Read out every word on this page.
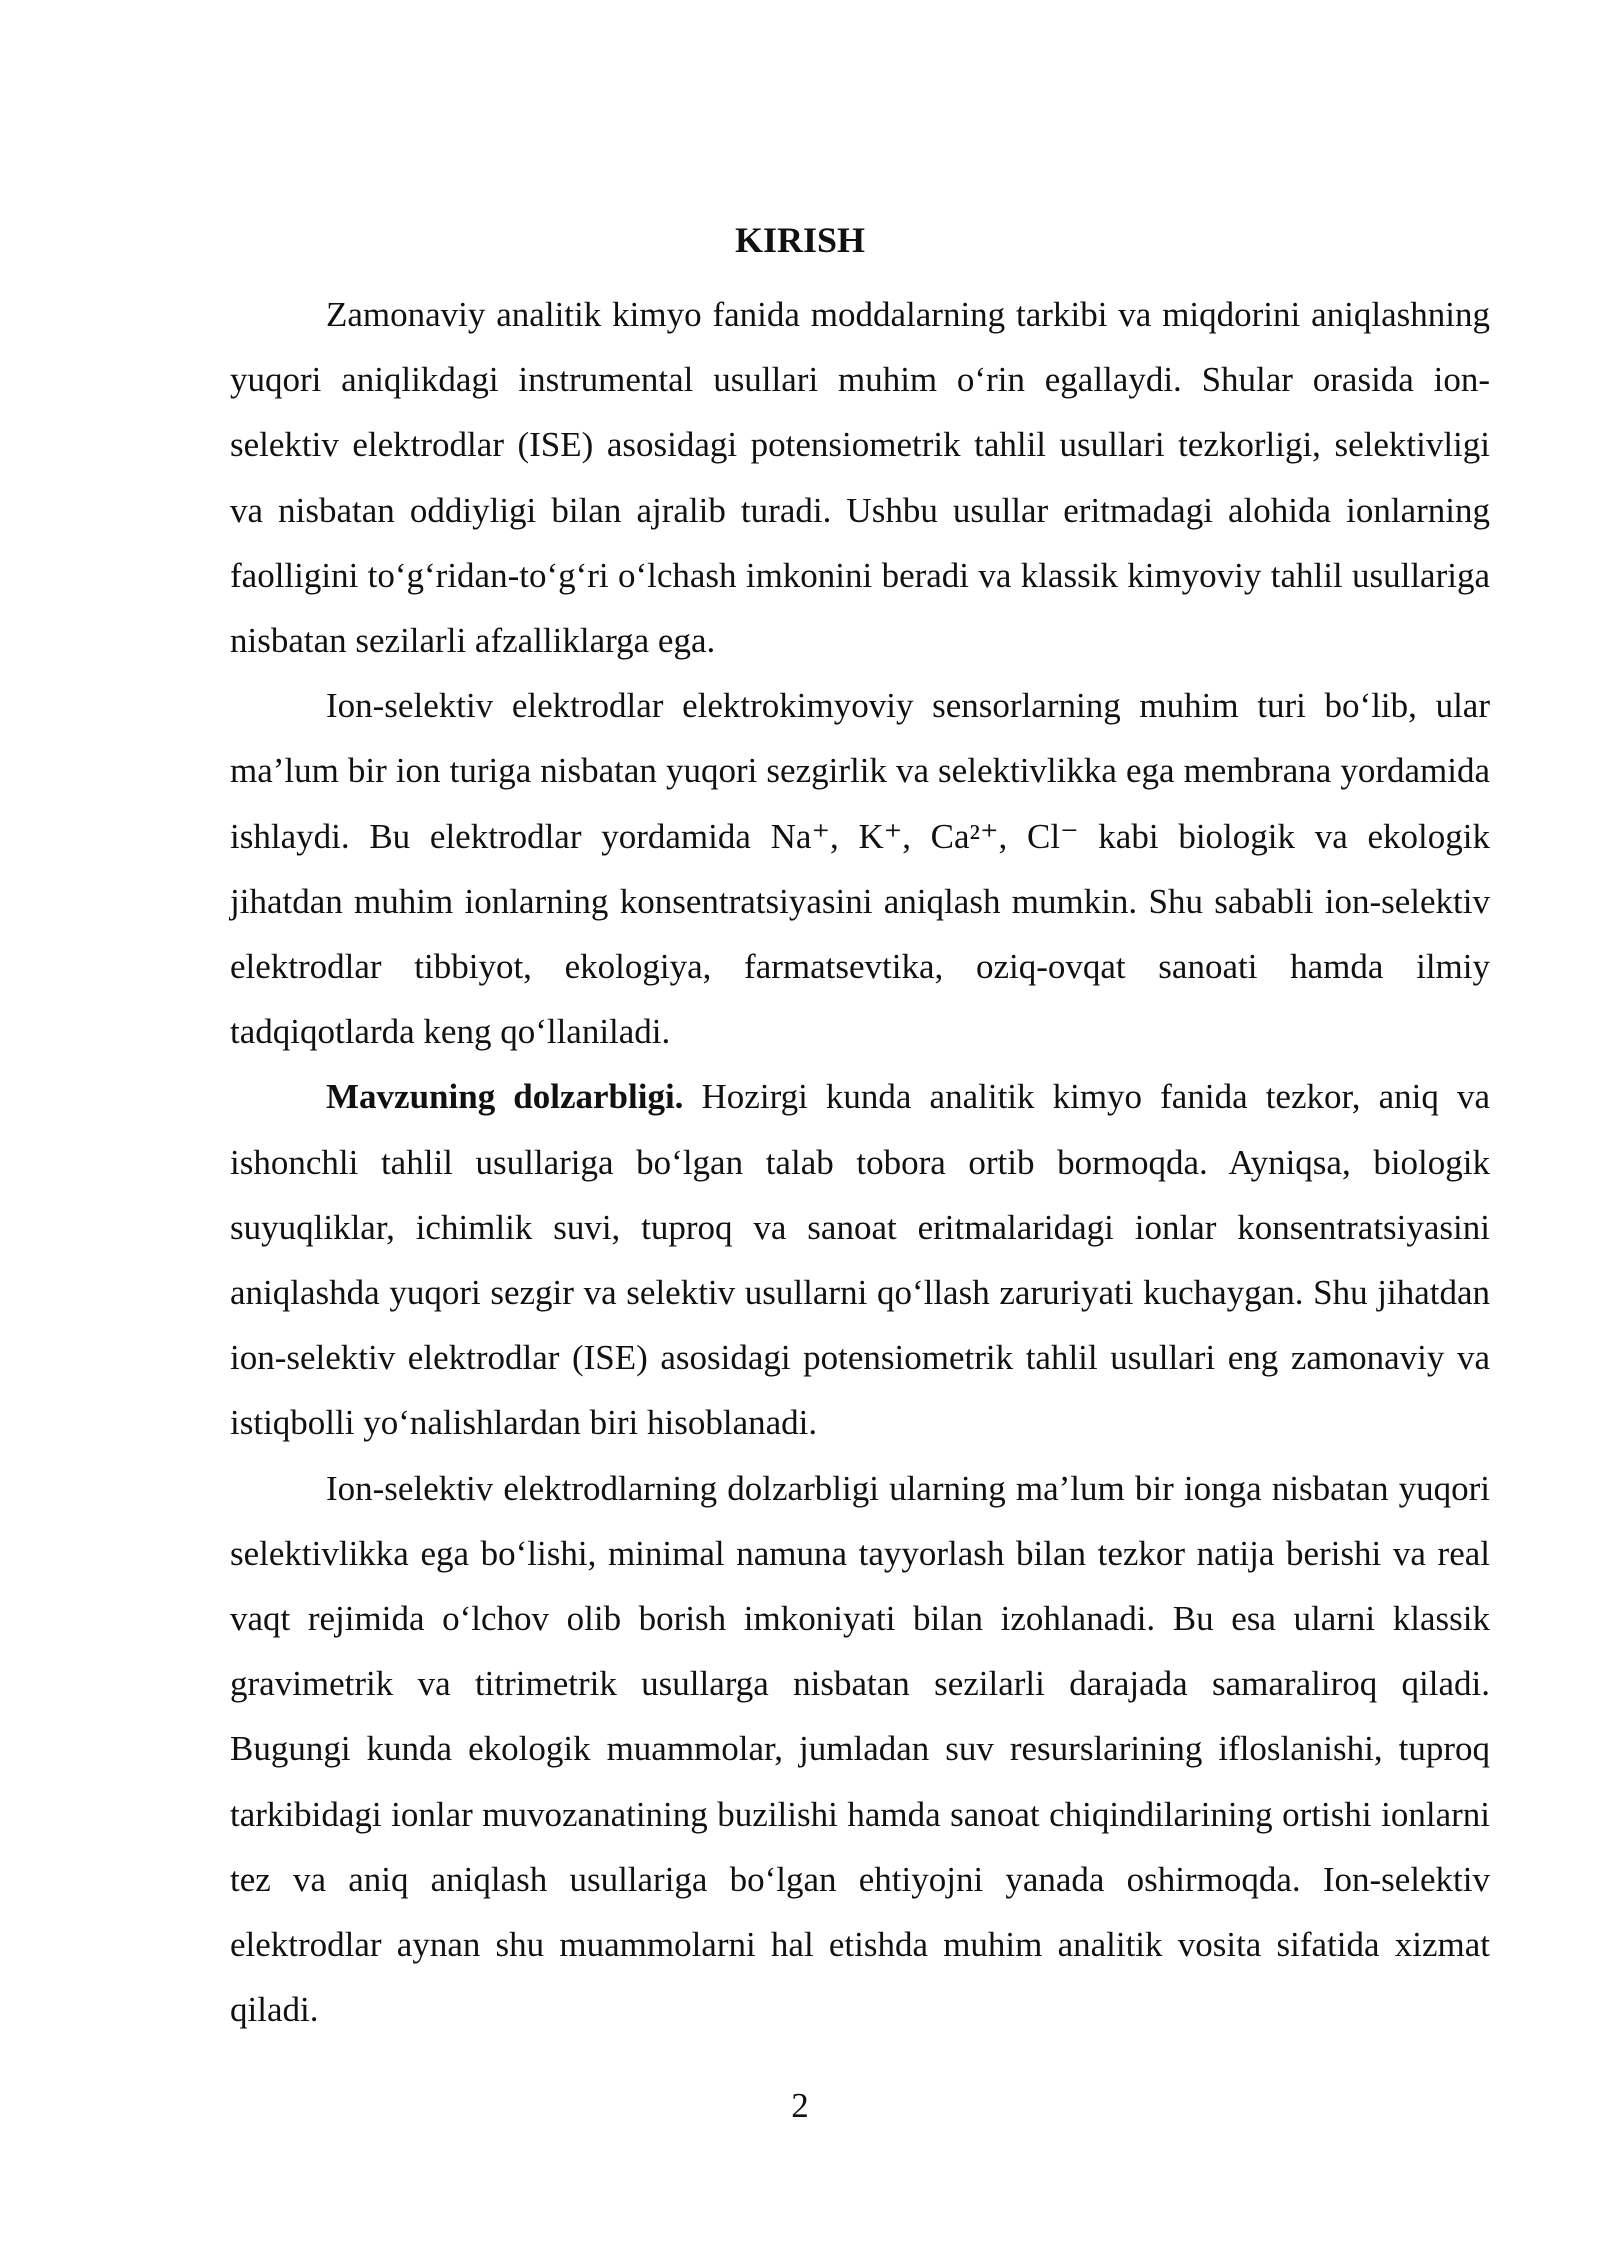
KIRISH

Zamonaviy analitik kimyo fanida moddalarning tarkibi va miqdorini aniqlashning yuqori aniqlikdagi instrumental usullari muhim o‘rin egallaydi. Shular orasida ion-selektiv elektrodlar (ISE) asosidagi potensiometrik tahlil usullari tezkorligi, selektivligi va nisbatan oddiyligi bilan ajralib turadi. Ushbu usullar eritmadagi alohida ionlarning faolligini to‘g‘ridan-to‘g‘ri o‘lchash imkonini beradi va klassik kimyoviy tahlil usullariga nisbatan sezilarli afzalliklarga ega.

Ion-selektiv elektrodlar elektrokimyoviy sensorlarning muhim turi bo‘lib, ular ma’lum bir ion turiga nisbatan yuqori sezgirlik va selektivlikka ega membrana yordamida ishlaydi. Bu elektrodlar yordamida Na⁺, K⁺, Ca²⁺, Cl⁻ kabi biologik va ekologik jihatdan muhim ionlarning konsentratsiyasini aniqlash mumkin. Shu sababli ion-selektiv elektrodlar tibbiyot, ekologiya, farmatsevtika, oziq-ovqat sanoati hamda ilmiy tadqiqotlarda keng qo‘llaniladi.

Mavzuning dolzarbligi. Hozirgi kunda analitik kimyo fanida tezkor, aniq va ishonchli tahlil usullariga bo‘lgan talab tobora ortib bormoqda. Ayniqsa, biologik suyuqliklar, ichimlik suvi, tuproq va sanoat eritmalaridagi ionlar konsentratsiyasini aniqlashda yuqori sezgir va selektiv usullarni qo‘llash zaruriyati kuchaygan. Shu jihatdan ion-selektiv elektrodlar (ISE) asosidagi potensiometrik tahlil usullari eng zamonaviy va istiqbolli yo‘nalishlardan biri hisoblanadi.

Ion-selektiv elektrodlarning dolzarbligi ularning ma’lum bir ionga nisbatan yuqori selektivlikka ega bo‘lishi, minimal namuna tayyorlash bilan tezkor natija berishi va real vaqt rejimida o‘lchov olib borish imkoniyati bilan izohlanadi. Bu esa ularni klassik gravimetrik va titrimetrik usullarga nisbatan sezilarli darajada samaraliroq qiladi. Bugungi kunda ekologik muammolar, jumladan suv resurslarining ifloslanishi, tuproq tarkibidagi ionlar muvozanatining buzilishi hamda sanoat chiqindilarining ortishi ionlarni tez va aniq aniqlash usullariga bo‘lgan ehtiyojni yanada oshirmoqda. Ion-selektiv elektrodlar aynan shu muammolarni hal etishda muhim analitik vosita sifatida xizmat qiladi.

2
